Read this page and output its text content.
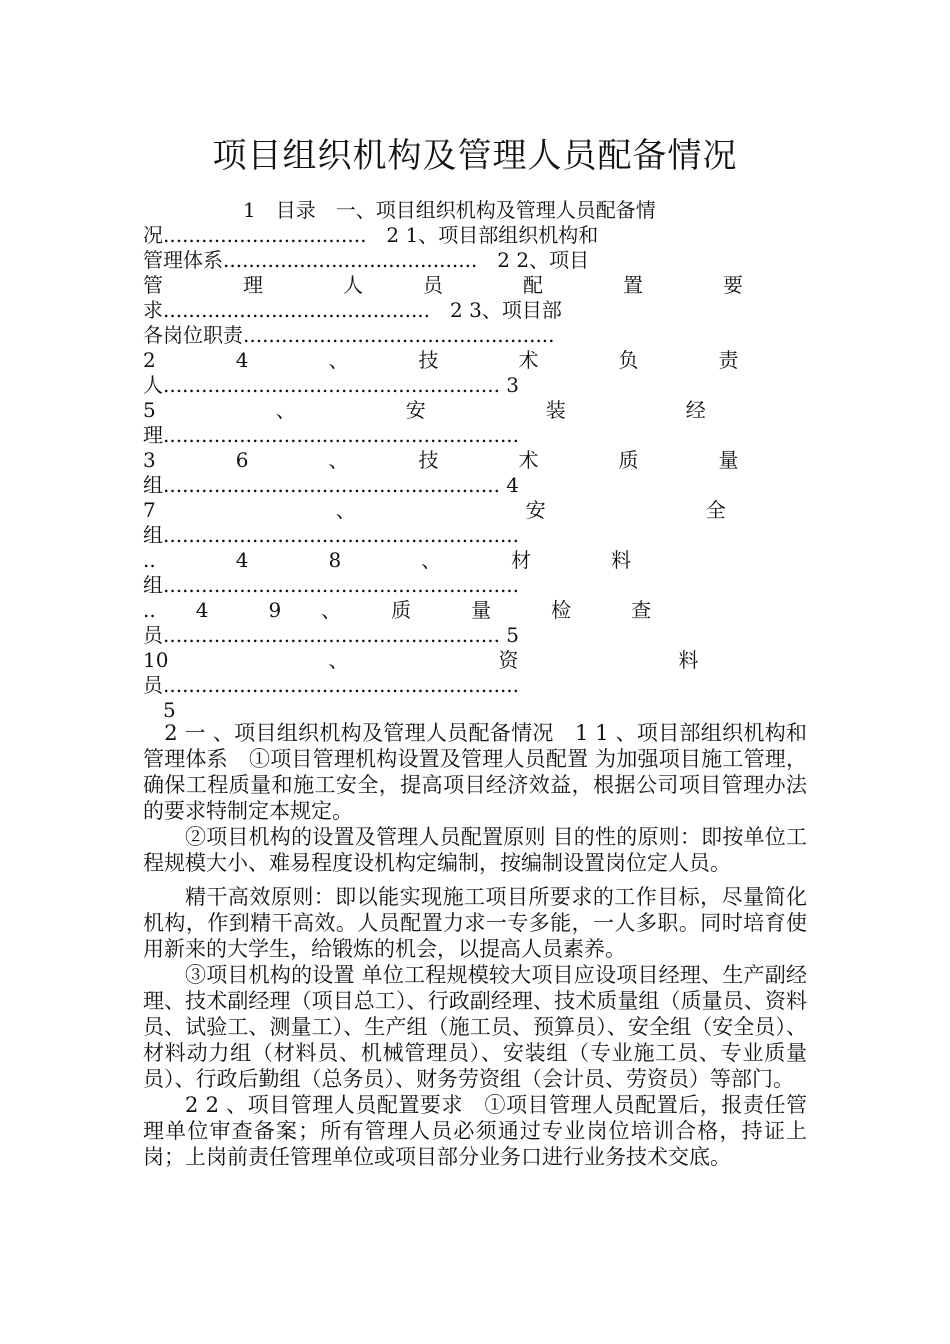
项目组织机构及管理人员配备情况
　　　　　1　目录　一、项目组织机构及管理人员配备情
况................................　2 1、项目部组织机构和
管理体系........................................　2 2、项目
管　　　　理　　　　人　　　员　　　　配　　　　置　　　　要
求..........................................　2 3、项目部
各岗位职责.................................................
2　　　　4　　　　、　　　　技　　　　术　　　　负　　　　责
人..................................................... 3
5　　　　　　、　　　　　　安　　　　　　装　　　　　　经
理........................................................
3　　　　6　　　　、　　　　技　　　　术　　　　质　　　　量
组..................................................... 4
7　　　　　　　　　、　　　　　　　　　安　　　　　　　　全
组........................................................
..　　　　4　　　　8　　　　、　　　　材　　　　料
组........................................................
..　　4　　　9　　、　　　质　　　量　　　检　　　查
员..................................................... 5
10　　　　　　　　、　　　　　　　　资　　　　　　　　料
员........................................................
　5

　2 一 、项目组织机构及管理人员配备情况　1 1 、项目部组织机构和管理体系　①项目管理机构设置及管理人员配置 为加强项目施工管理，确保工程质量和施工安全，提高项目经济效益，根据公司项目管理办法的要求特制定本规定。

②项目机构的设置及管理人员配置原则 目的性的原则：即按单位工程规模大小、难易程度设机构定编制，按编制设置岗位定人员。

精干高效原则：即以能实现施工项目所要求的工作目标，尽量简化机构，作到精干高效。人员配置力求一专多能，一人多职。同时培育使用新来的大学生，给锻炼的机会，以提高人员素养。

③项目机构的设置 单位工程规模较大项目应设项目经理、生产副经理、技术副经理（项目总工）、行政副经理、技术质量组（质量员、资料员、试验工、测量工）、生产组（施工员、预算员）、安全组（安全员）、材料动力组（材料员、机械管理员）、安装组（专业施工员、专业质量员）、行政后勤组（总务员）、财务劳资组（会计员、劳资员）等部门。

2 2 、项目管理人员配置要求　①项目管理人员配置后，报责任管理单位审查备案；所有管理人员必须通过专业岗位培训合格，持证上岗；上岗前责任管理单位或项目部分业务口进行业务技术交底。
